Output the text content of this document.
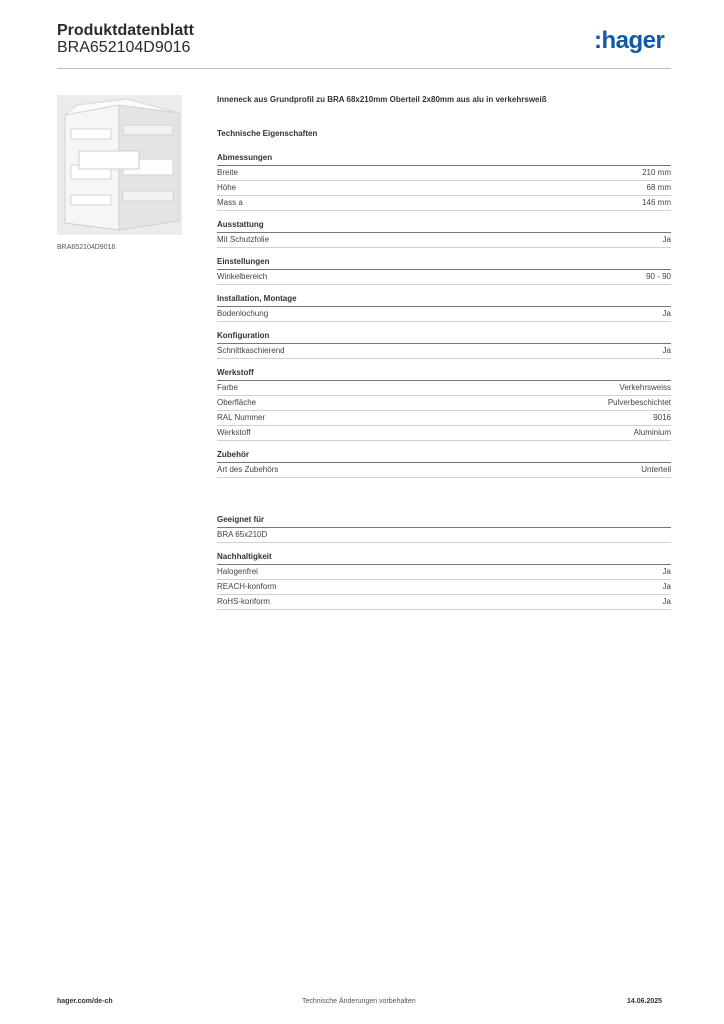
Produktdatenblatt
BRA652104D9016	:hager
BRA652104D9016
Inneneck aus Grundprofil zu BRA 68x210mm Oberteil 2x80mm aus alu in verkehrsweiß
Technische Eigenschaften
Abmessungen
Breite	210 mm
Höhe	68 mm
Mass a	146 mm
Ausstattung
Mit Schutzfolie	Ja
Einstellungen
Winkelbereich	90 - 90
Installation, Montage
Bodenlochung	Ja
Konfiguration
Schnittkaschierend	Ja
Werkstoff
Farbe	Verkehrsweiss
Oberfläche	Pulverbeschichtet
RAL Nummer	9016
Werkstoff	Aluminium
Zubehör
Art des Zubehörs	Unterteil
Geeignet für
BRA 65x210D
Nachhaltigkeit
Halogenfrei	Ja
REACH-konform	Ja
RoHS-konform	Ja
hager.com/de-ch	Technische Änderungen vorbehalten	14.06.2025
